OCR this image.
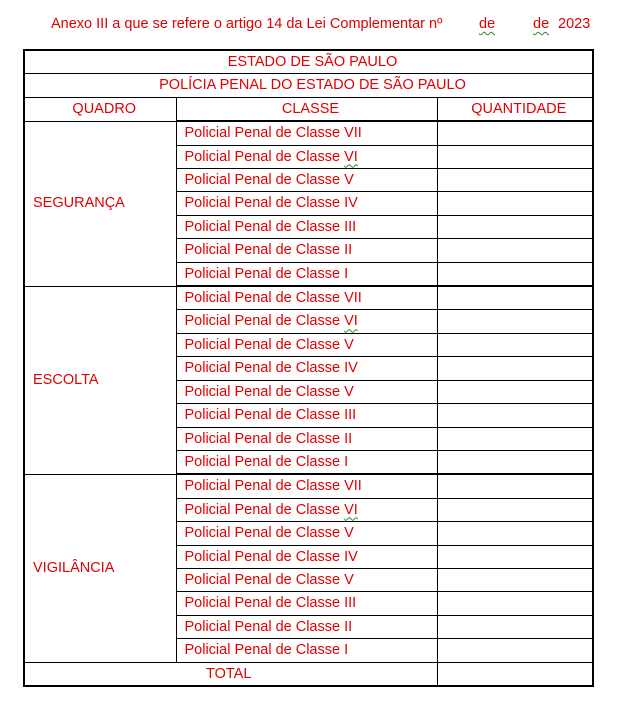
Anexo III a que se refere o artigo 14 da Lei Complementar nº	de	de 2023
ESTADO DE SÃO PAULO		
POLÍCIA PENAL DO ESTADO DE SÃO PAULO		
QUADRO	CLASSE	QUANTIDADE
SEGURANÇA	Policial Penal de Classe VII	
	Policial Penal de Classe VI	
	Policial Penal de Classe V	
	Policial Penal de Classe IV	
	Policial Penal de Classe III	
	Policial Penal de Classe II	
	Policial Penal de Classe I	
ESCOLTA	Policial Penal de Classe VII	
	Policial Penal de Classe VI	
	Policial Penal de Classe V	
	Policial Penal de Classe IV	
	Policial Penal de Classe V	
	Policial Penal de Classe III	
	Policial Penal de Classe II	
	Policial Penal de Classe I	
VIGILÂNCIA	Policial Penal de Classe VII	
	Policial Penal de Classe VI	
	Policial Penal de Classe V	
	Policial Penal de Classe IV	
	Policial Penal de Classe V	
	Policial Penal de Classe III	
	Policial Penal de Classe II	
	Policial Penal de Classe I	
TOTAL		
